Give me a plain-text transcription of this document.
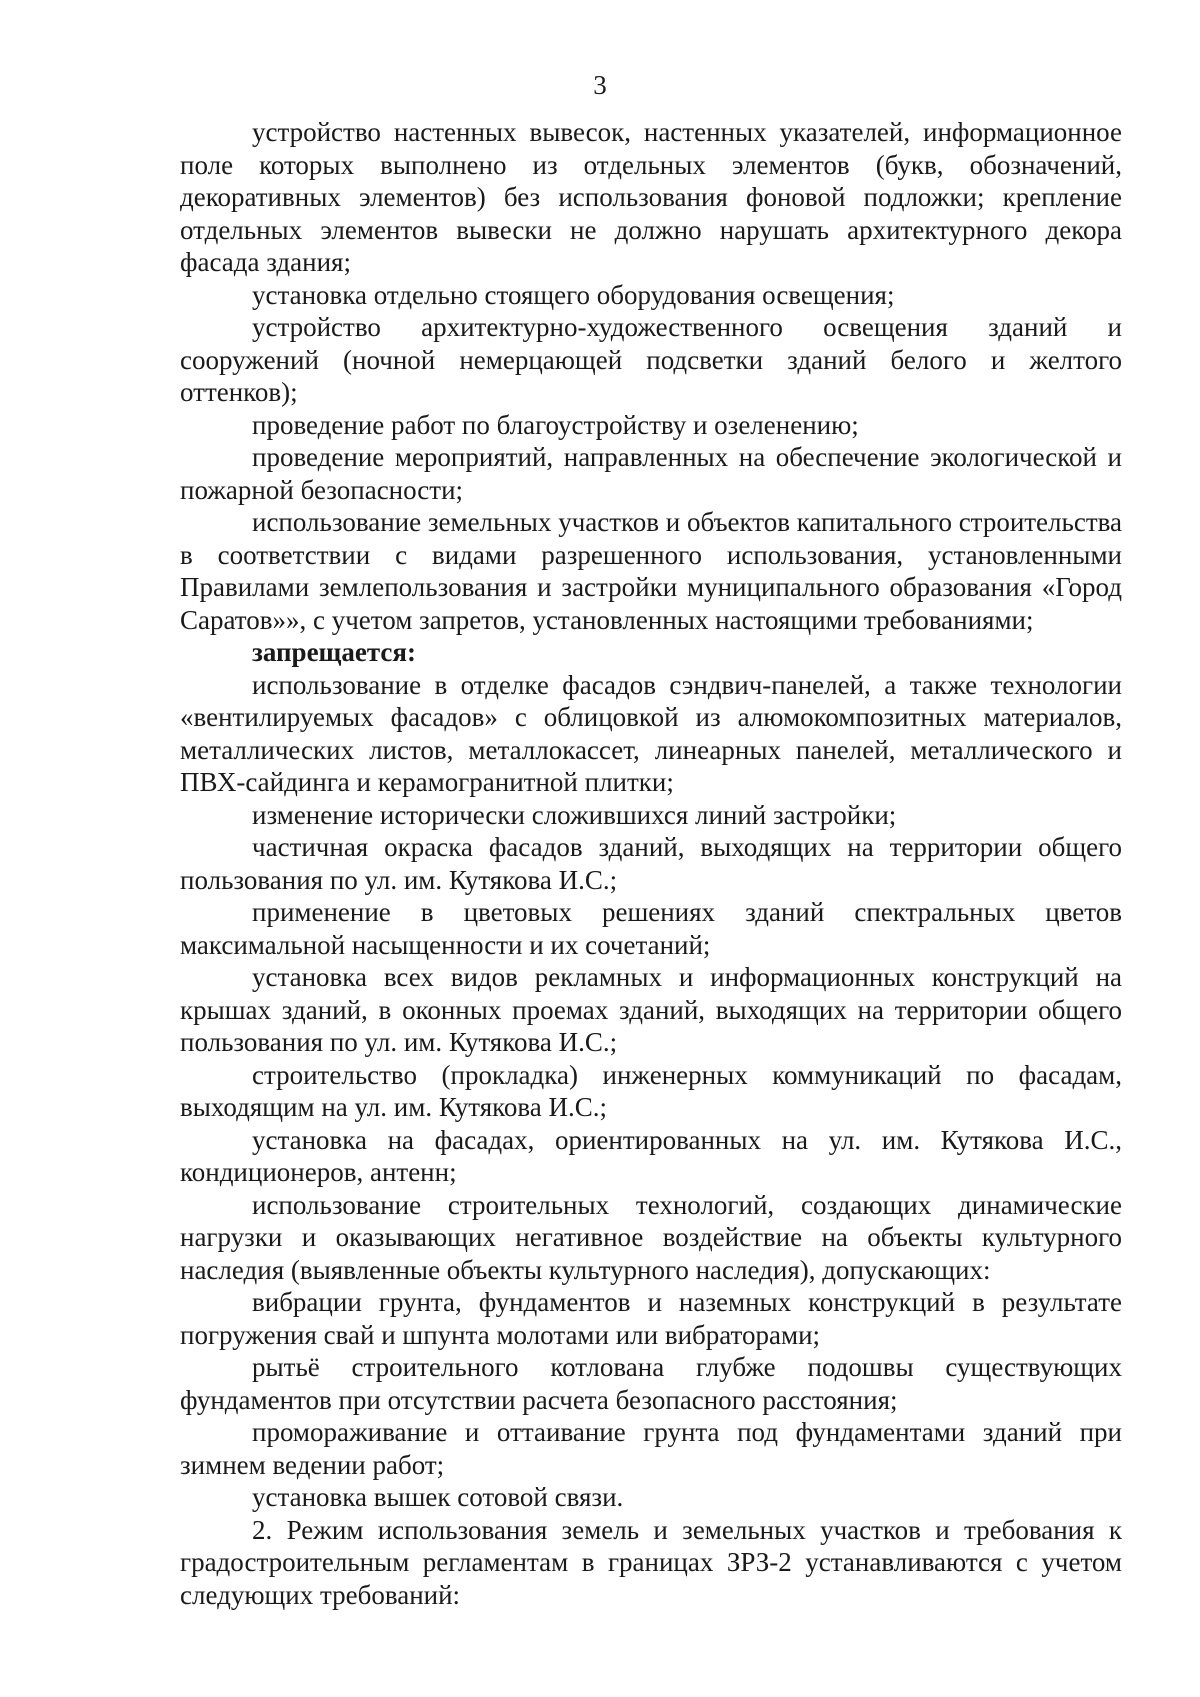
3

устройство настенных вывесок, настенных указателей, информационное поле которых выполнено из отдельных элементов (букв, обозначений, декоративных элементов) без использования фоновой подложки; крепление отдельных элементов вывески не должно нарушать архитектурного декора фасада здания;

установка отдельно стоящего оборудования освещения;

устройство архитектурно-художественного освещения зданий и сооружений (ночной немерцающей подсветки зданий белого и желтого оттенков);

проведение работ по благоустройству и озеленению;

проведение мероприятий, направленных на обеспечение экологической и пожарной безопасности;

использование земельных участков и объектов капитального строительства в соответствии с видами разрешенного использования, установленными Правилами землепользования и застройки муниципального образования «Город Саратов»», с учетом запретов, установленных настоящими требованиями;

запрещается:

использование в отделке фасадов сэндвич-панелей, а также технологии «вентилируемых фасадов» с облицовкой из алюмокомпозитных материалов, металлических листов, металлокассет, линеарных панелей, металлического и ПВХ-сайдинга и керамогранитной плитки;

изменение исторически сложившихся линий застройки;

частичная окраска фасадов зданий, выходящих на территории общего пользования по ул. им. Кутякова И.С.;

применение в цветовых решениях зданий спектральных цветов максимальной насыщенности и их сочетаний;

установка всех видов рекламных и информационных конструкций на крышах зданий, в оконных проемах зданий, выходящих на территории общего пользования по ул. им. Кутякова И.С.;

строительство (прокладка) инженерных коммуникаций по фасадам, выходящим на ул. им. Кутякова И.С.;

установка на фасадах, ориентированных на ул. им. Кутякова И.С., кондиционеров, антенн;

использование строительных технологий, создающих динамические нагрузки и оказывающих негативное воздействие на объекты культурного наследия (выявленные объекты культурного наследия), допускающих:

вибрации грунта, фундаментов и наземных конструкций в результате погружения свай и шпунта молотами или вибраторами;

рытьё строительного котлована глубже подошвы существующих фундаментов при отсутствии расчета безопасного расстояния;

промораживание и оттаивание грунта под фундаментами зданий при зимнем ведении работ;

установка вышек сотовой связи.

2. Режим использования земель и земельных участков и требования к градостроительным регламентам в границах ЗРЗ-2 устанавливаются с учетом следующих требований:
